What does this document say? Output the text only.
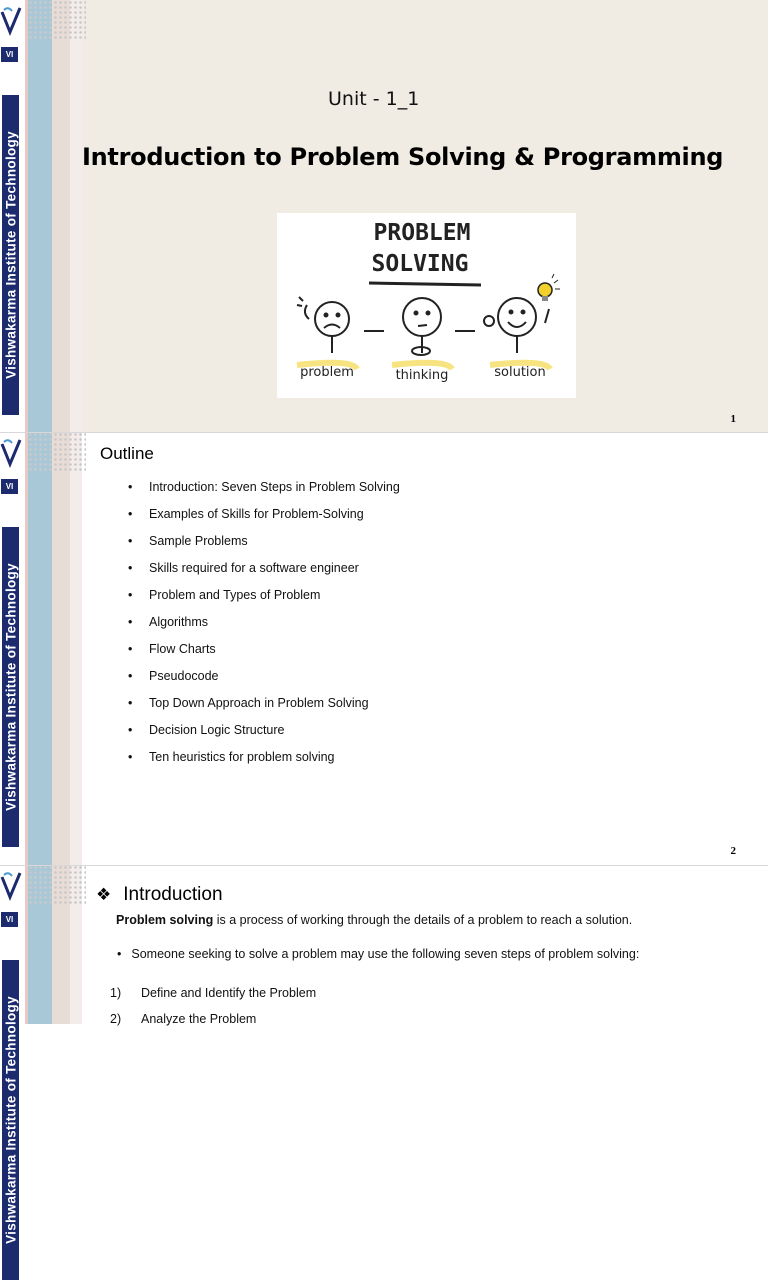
VI
Vishwakarma Institute of Technology
Unit - 1_1
Introduction to Problem Solving & Programming
PROBLEM
SOLVING
problem	thinking	solution
1
VI
Vishwakarma Institute of Technology
Outline
• Introduction: Seven Steps in Problem Solving
• Examples of Skills for Problem-Solving
• Sample Problems
• Skills required for a software engineer
• Problem and Types of Problem
• Algorithms
• Flow Charts
• Pseudocode
• Top Down Approach in Problem Solving
• Decision Logic Structure
• Ten heuristics for problem solving
2
VI
Vishwakarma Institute of Technology
❖ Introduction
Problem solving is a process of working through the details of a problem to reach a solution.
• Someone seeking to solve a problem may use the following seven steps of problem solving:
1) Define and Identify the Problem
2) Analyze the Problem
